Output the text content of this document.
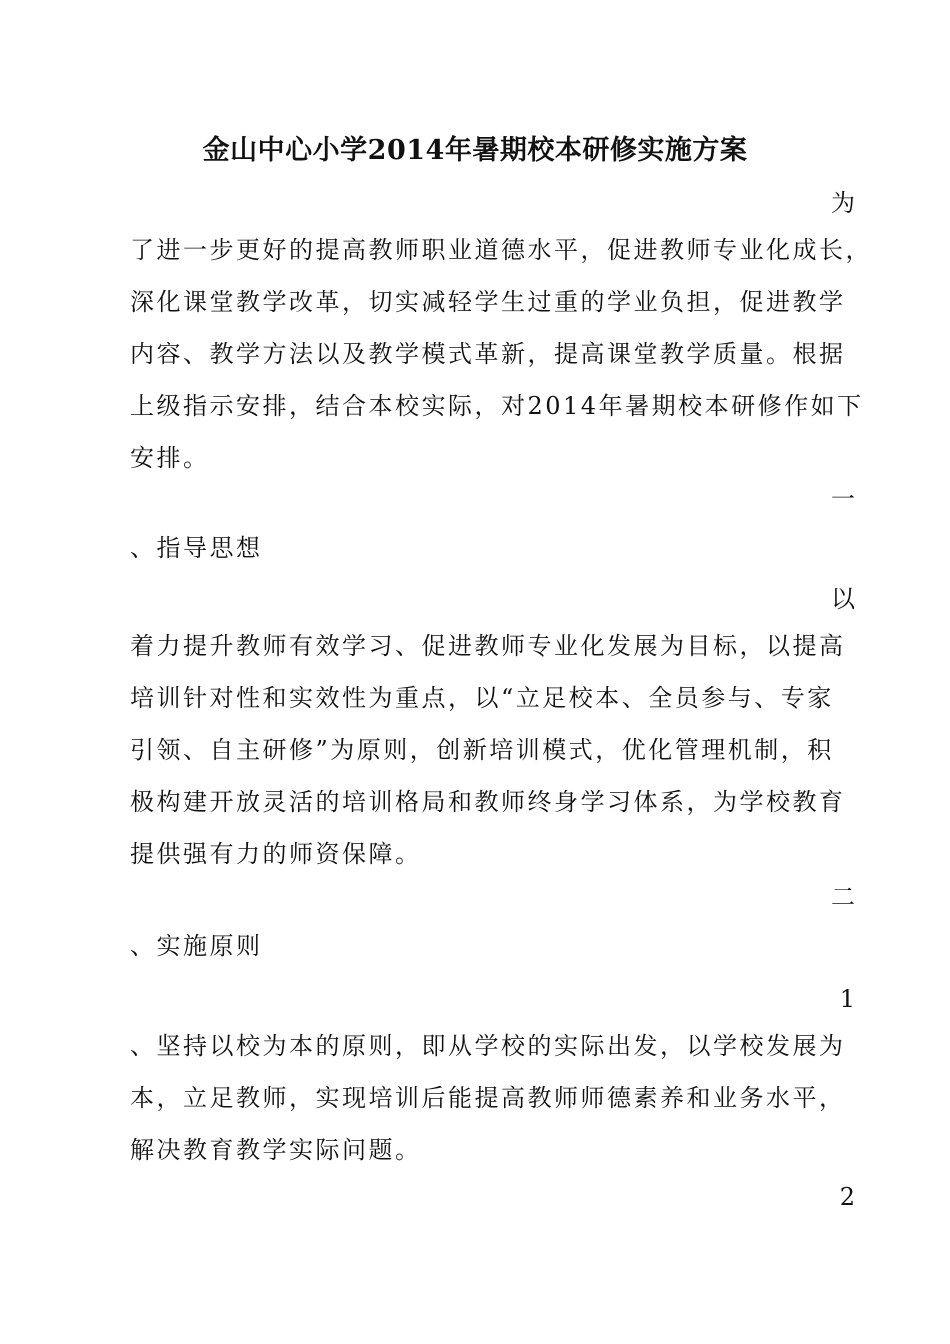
金山中心小学2014年暑期校本研修实施方案
为
了进一步更好的提高教师职业道德水平，促进教师专业化成长，
深化课堂教学改革，切实减轻学生过重的学业负担，促进教学
内容、教学方法以及教学模式革新，提高课堂教学质量。根据
上级指示安排，结合本校实际，对2014年暑期校本研修作如下
安排。
一
、指导思想
以
着力提升教师有效学习、促进教师专业化发展为目标，以提高
培训针对性和实效性为重点，以“立足校本、全员参与、专家
引领、自主研修”为原则，创新培训模式，优化管理机制，积
极构建开放灵活的培训格局和教师终身学习体系，为学校教育
提供强有力的师资保障。
二
、实施原则
1
、坚持以校为本的原则，即从学校的实际出发，以学校发展为
本，立足教师，实现培训后能提高教师师德素养和业务水平，
解决教育教学实际问题。
2
